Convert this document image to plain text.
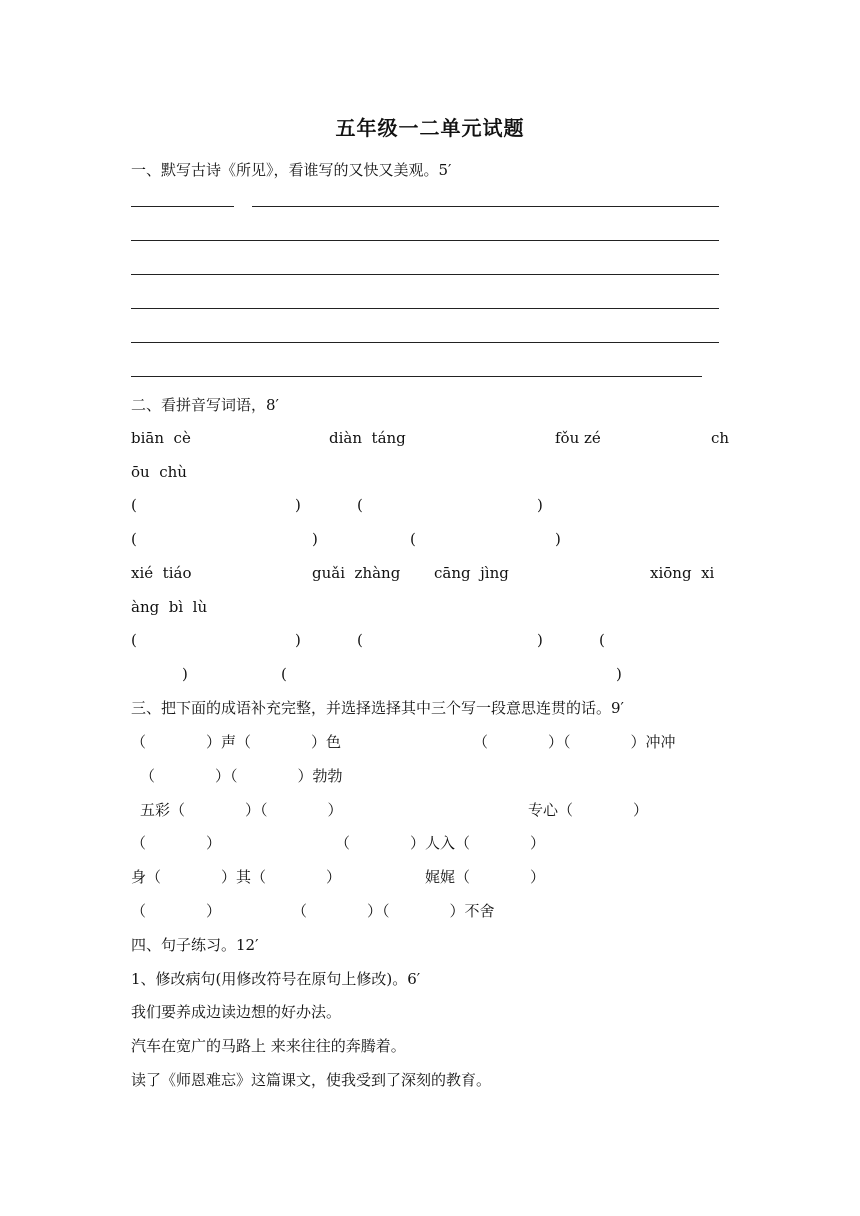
五年级一二单元试题
一、默写古诗《所见》，看谁写的又快又美观。5′
二、看拼音写词语，8′
biān  cè	diàn  táng	fǒu zé	ch
ōu  chù
(	)	(	)
(	)	(	)
xié  tiáo	guǎi  zhàng cāng  jìng	xiōng  xi
àng  bì  lù
(	)	(	)	(
)	(	)
三、把下面的成语补充完整，并选择选择其中三个写一段意思连贯的话。9′
（　　　　）声（　　　　）色	（　　　　）（　　　　）冲冲
（　　　　）（　　　　）勃勃
五彩（　　　　）（　　　　）	专心（　　　　）
（　　　　）	（　　　　）人入（　　　　）
身（　　　　）其（　　　　）	娓娓（　　　　）
（　　　　）	（　　　　）（　　　　）不舍
四、句子练习。12′
1、修改病句(用修改符号在原句上修改)。6′
我们要养成边读边想的好办法。
汽车在宽广的马路上 来来往往的奔腾着。
读了《师恩难忘》这篇课文，使我受到了深刻的教育。
